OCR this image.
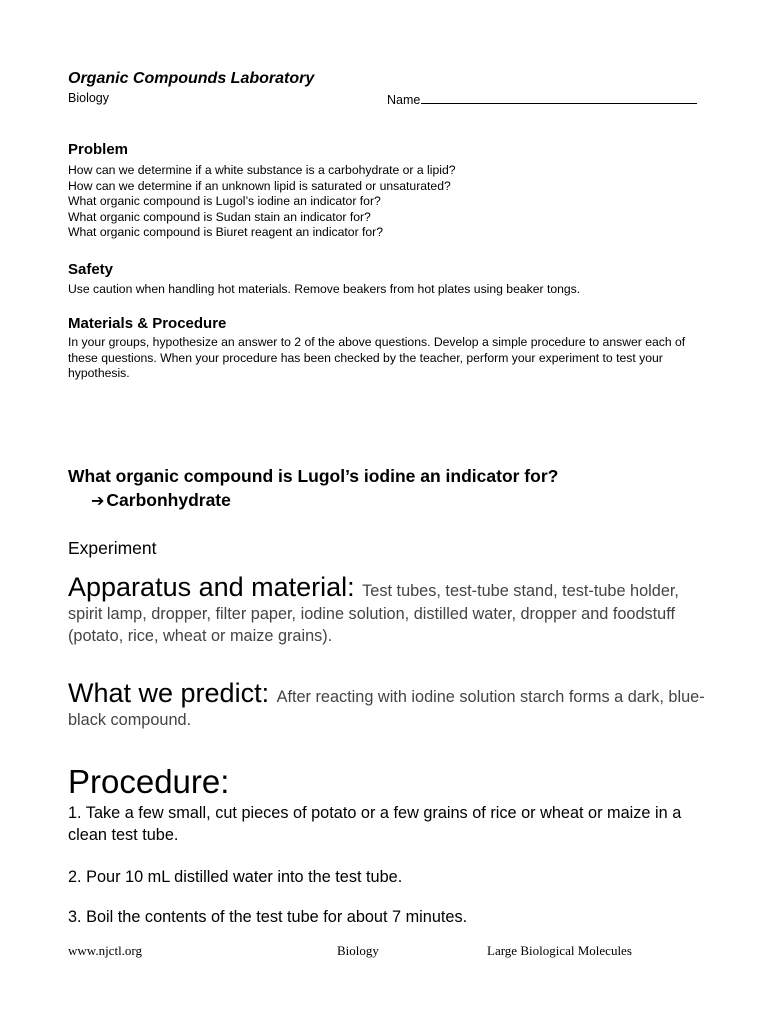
Organic Compounds Laboratory
Biology	Name
Problem
How can we determine if a white substance is a carbohydrate or a lipid?
How can we determine if an unknown lipid is saturated or unsaturated?
What organic compound is Lugol’s iodine an indicator for?
What organic compound is Sudan stain an indicator for?
What organic compound is Biuret reagent an indicator for?
Safety
Use caution when handling hot materials. Remove beakers from hot plates using beaker tongs.
Materials & Procedure
In your groups, hypothesize an answer to 2 of the above questions. Develop a simple procedure to answer each of these questions. When your procedure has been checked by the teacher, perform your experiment to test your hypothesis.
What organic compound is Lugol’s iodine an indicator for?
➔ Carbonhydrate
Experiment
Apparatus and material: Test tubes, test-tube stand, test-tube holder, spirit lamp, dropper, filter paper, iodine solution, distilled water, dropper and foodstuff (potato, rice, wheat or maize grains).
What we predict: After reacting with iodine solution starch forms a dark, blue-black compound.
Procedure:
1. Take a few small, cut pieces of potato or a few grains of rice or wheat or maize in a clean test tube.
2. Pour 10 mL distilled water into the test tube.
3. Boil the contents of the test tube for about 7 minutes.
www.njctl.org	Biology	Large Biological Molecules
